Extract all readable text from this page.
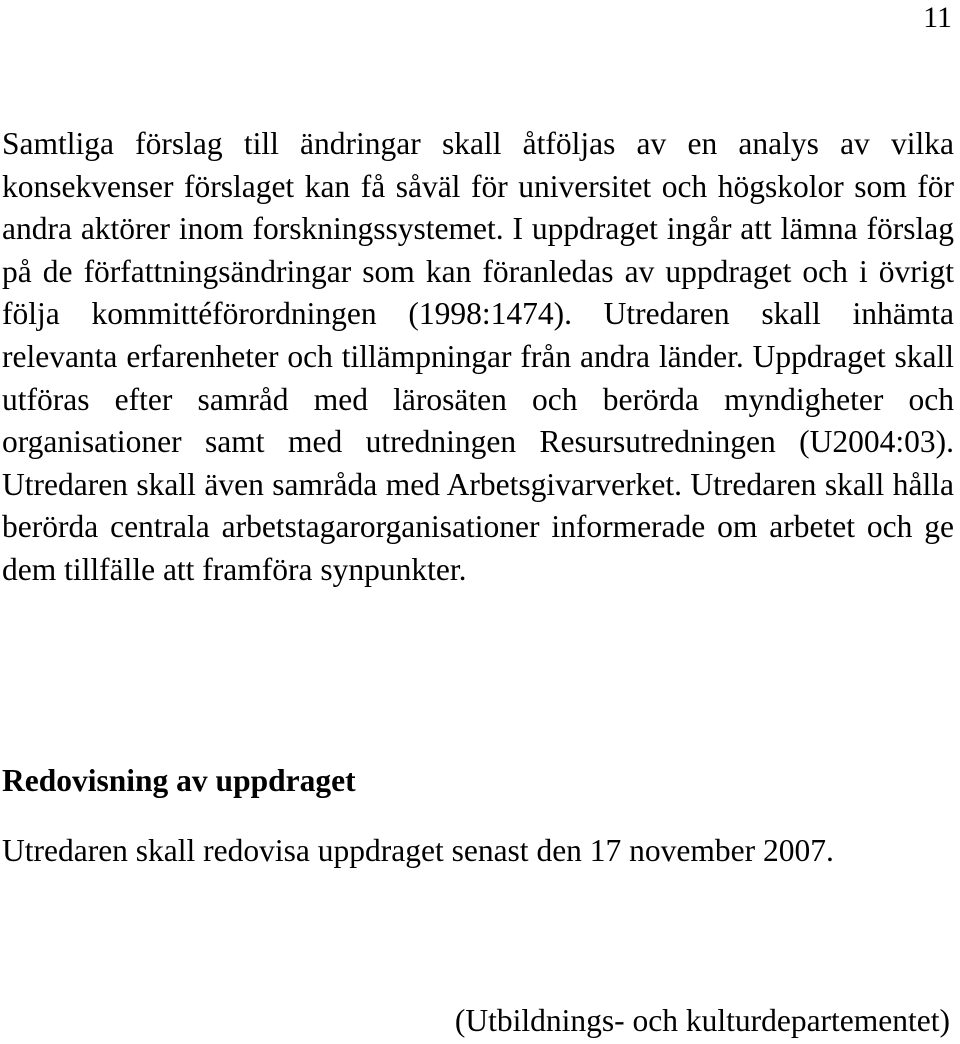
11

Samtliga förslag till ändringar skall åtföljas av en analys av vilka konsekvenser förslaget kan få såväl för universitet och högskolor som för andra aktörer inom forskningssystemet. I uppdraget ingår att lämna förslag på de författningsändringar som kan föranledas av uppdraget och i övrigt följa kommittéförordningen (1998:1474). Utredaren skall inhämta relevanta erfarenheter och tillämpningar från andra länder. Uppdraget skall utföras efter samråd med lärosäten och berörda myndigheter och organisationer samt med utredningen Resursutredningen (U2004:03). Utredaren skall även samråda med Arbetsgivarverket. Utredaren skall hålla berörda centrala arbetstagarorganisationer informerade om arbetet och ge dem tillfälle att framföra synpunkter.

Redovisning av uppdraget

Utredaren skall redovisa uppdraget senast den 17 november 2007.

(Utbildnings- och kulturdepartementet)
